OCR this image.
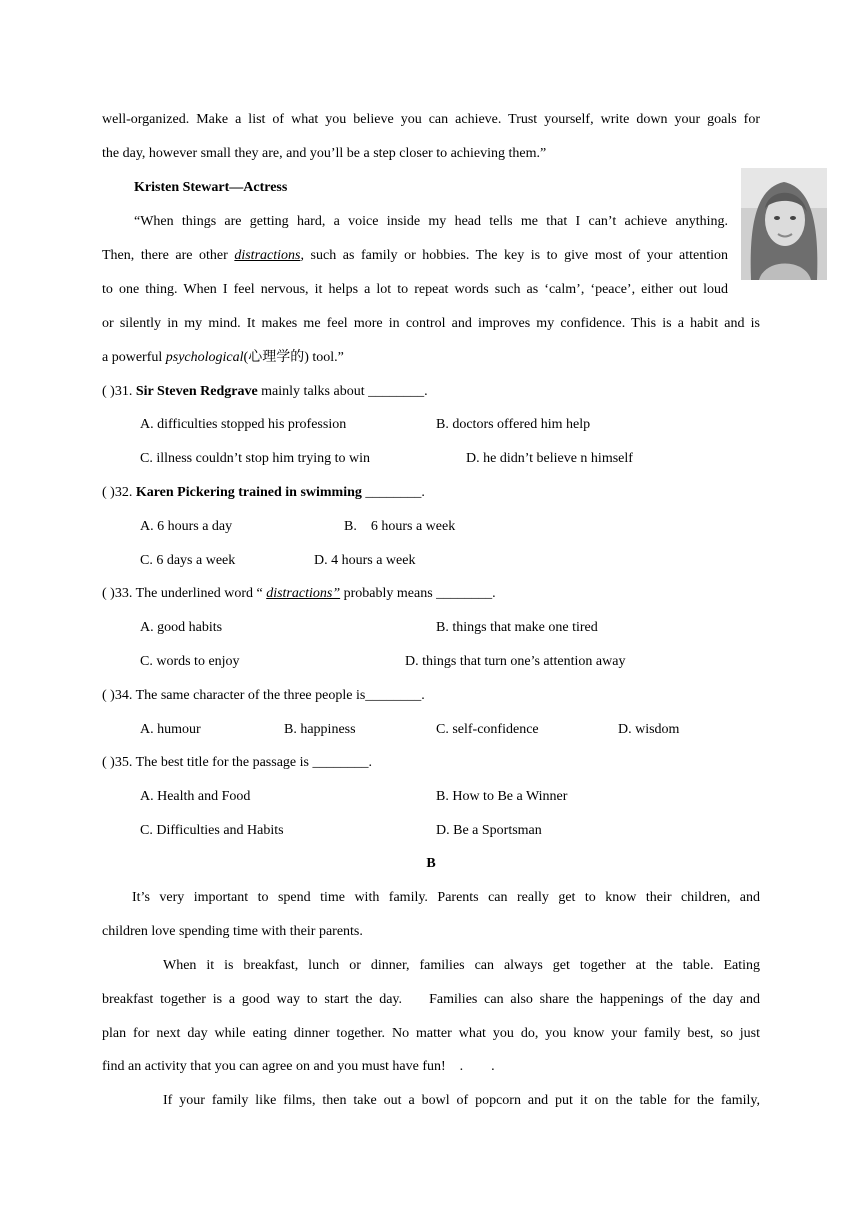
well-organized. Make a list of what you believe you can achieve. Trust yourself, write down your goals for
the day, however small they are, and you’ll be a step closer to achieving them.”
Kristen Stewart—Actress
“When things are getting hard, a voice inside my head tells me that I can’t achieve anything.
Then, there are other distractions, such as family or hobbies. The key is to give most of your attention
to one thing. When I feel nervous, it helps a lot to repeat words such as ‘calm’, ‘peace’, either out loud
or silently in my mind. It makes me feel more in control and improves my confidence. This is a habit and is
a powerful psychological(心理学的) tool.”
( )31. Sir Steven Redgrave mainly talks about ________.
A. difficulties stopped his profession	B. doctors offered him help
C. illness couldn’t stop him trying to win	D. he didn’t believe n himself
( )32. Karen Pickering trained in swimming ________.
A. 6 hours a day	B.    6 hours a week
C. 6 days a week	D. 4 hours a week
( )33. The underlined word “ distractions” probably means ________.
A. good habits	B. things that make one tired
C. words to enjoy	D. things that turn one’s attention away
( )34. The same character of the three people is________.
A. humour	B. happiness	C. self-confidence	D. wisdom
( )35. The best title for the passage is ________.
A. Health and Food	B. How to Be a Winner
C. Difficulties and Habits	D. Be a Sportsman
B
It’s very important to spend time with family. Parents can really get to know their children, and
children love spending time with their parents.
When it is breakfast, lunch or dinner, families can always get together at the table. Eating
breakfast together is a good way to start the day.    Families can also share the happenings of the day and
plan for next day while eating dinner together. No matter what you do, you know your family best, so just
find an activity that you can agree on and you must have fun!    .        .
If your family like films, then take out a bowl of popcorn and put it on the table for the family,
